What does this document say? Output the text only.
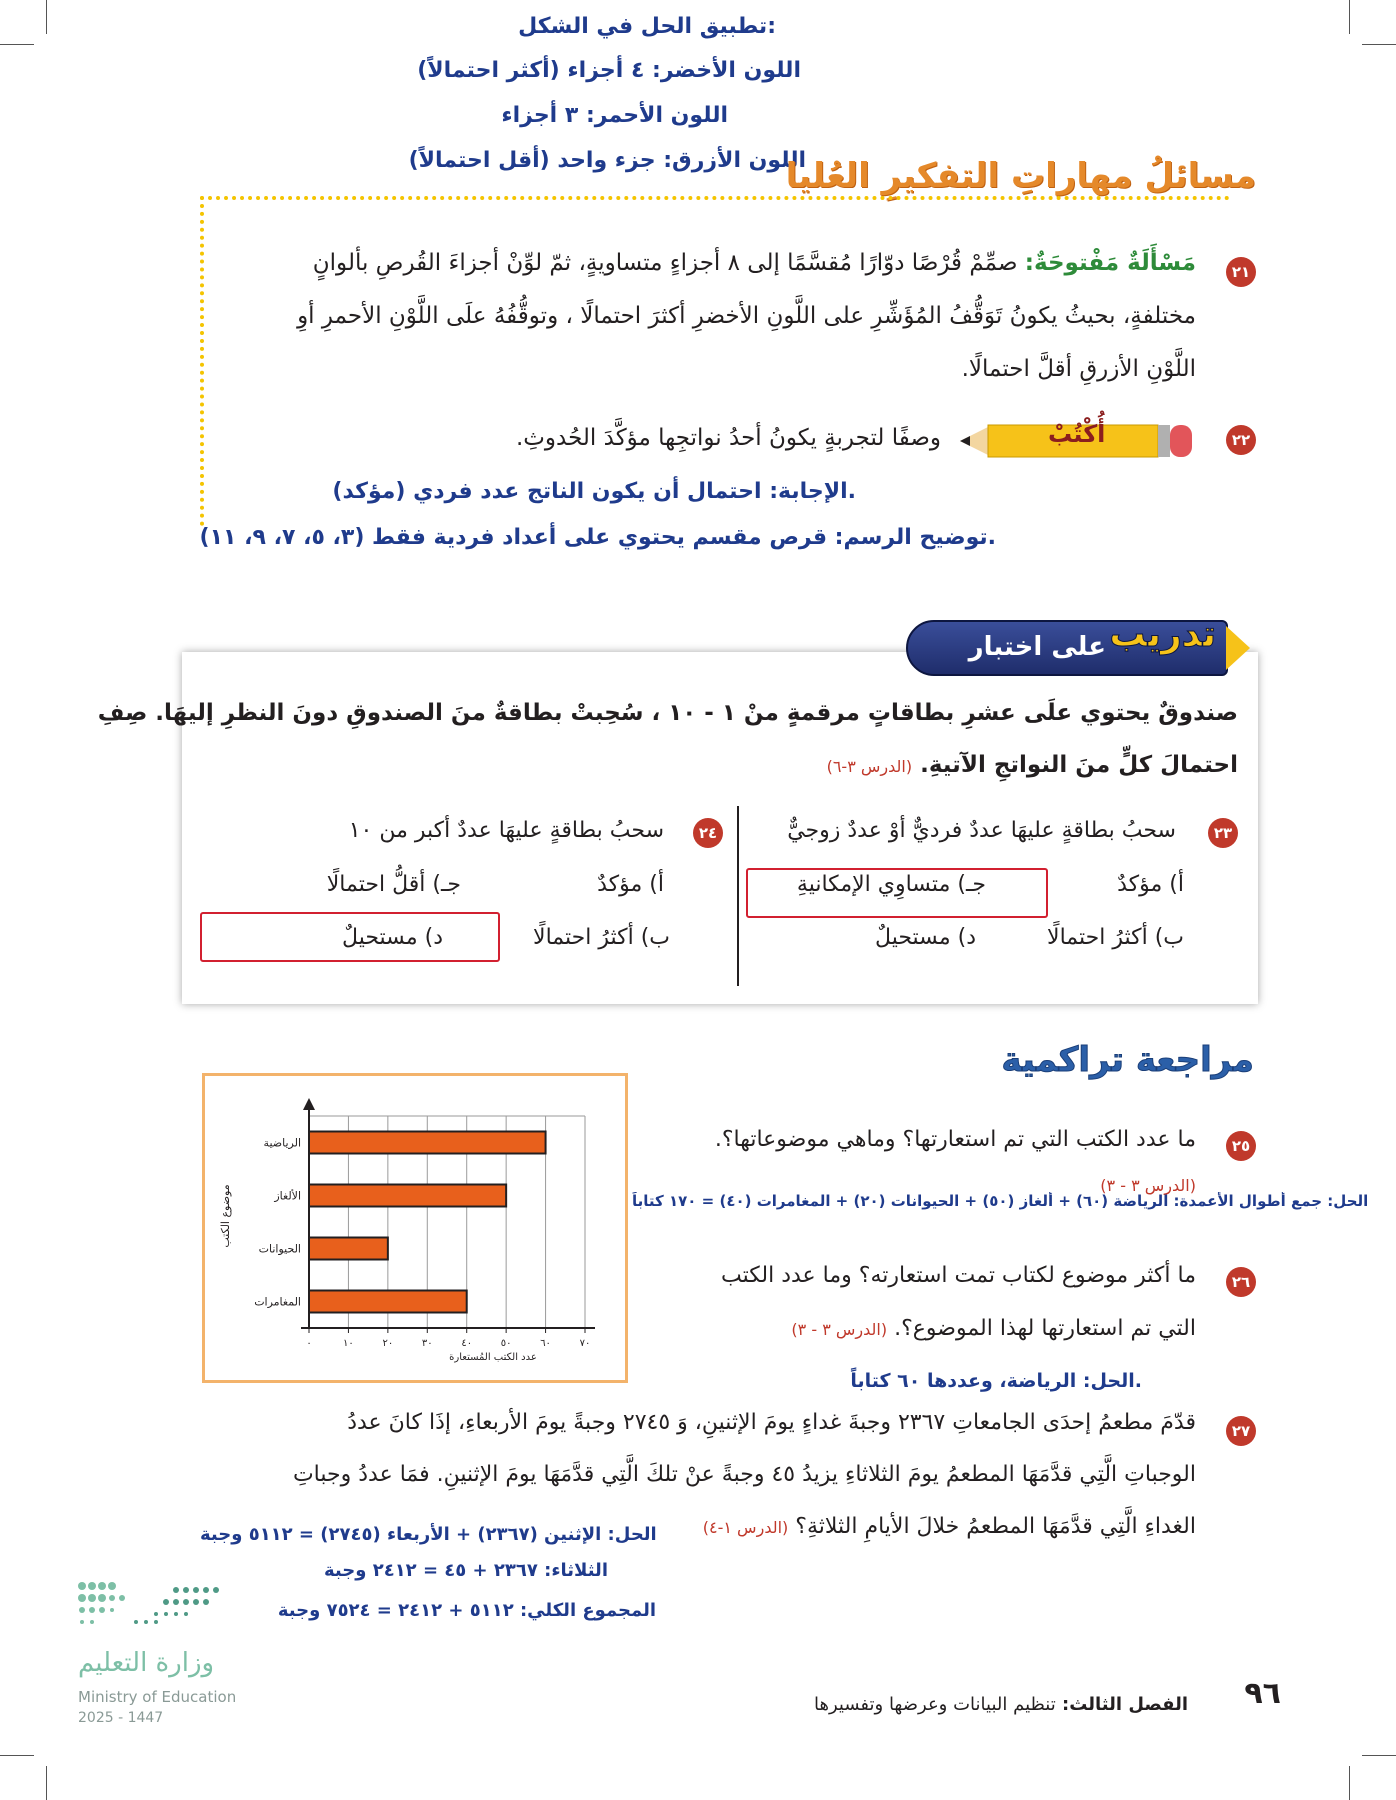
:تطبيق الحل في الشكل
اللون الأخضر: ٤ أجزاء (أكثر احتمالاً)
اللون الأحمر: ٣ أجزاء
اللون الأزرق: جزء واحد (أقل احتمالاً)
مسائلُ مهاراتِ التفكيرِ العُليا
٢١
مَسْأَلَةٌ مَفْتوحَةٌ: صمِّمْ قُرْصًا دوّارًا مُقسَّمًا إلى ٨ أجزاءٍ متساويةٍ، ثمّ لوِّنْ أجزاءَ القُرصِ بألوانٍ
مختلفةٍ، بحيثُ يكونُ تَوَقُّفُ المُؤَشِّرِ على اللَّونِ الأخضرِ أكثرَ احتمالًا ، وتوقُّفُهُ علَى اللَّوْنِ الأحمرِ أوِ
اللَّوْنِ الأزرقِ أقلَّ احتمالًا.
٢٢
أُكْتُبْ
وصفًا لتجربةٍ يكونُ أحدُ نواتجِها مؤكَّدَ الحُدوثِ.
.الإجابة: احتمال أن يكون الناتج عدد فردي (مؤكد)
.توضيح الرسم: قرص مقسم يحتوي على أعداد فردية فقط (٣، ٥، ٧، ٩، ١١)
تدريب
على اختبار
صندوقٌ يحتوي علَى عشرِ بطاقاتٍ مرقمةٍ منْ ١ - ١٠ ، سُحِبتْ بطاقةٌ منَ الصندوقِ دونَ النظرِ إليهَا. صِفِ
احتمالَ كلٍّ منَ النواتجِ الآتيةِ. (الدرس ٣-٦)
٢٣
سحبُ بطاقةٍ عليهَا عددٌ فرديٌّ أوْ عددٌ زوجيٌّ
أ) مؤكدٌ
جـ) متساوِي الإمكانيةِ
ب) أكثرُ احتمالًا
د) مستحيلٌ
٢٤
سحبُ بطاقةٍ عليهَا عددٌ أكبر من ١٠
أ) مؤكدٌ
جـ) أقلُّ احتمالًا
ب) أكثرُ احتمالًا
د) مستحيلٌ
مراجعة تراكمية
٠	١٠	٢٠	٣٠	٤٠	٥٠	٦٠	٧٠
الرياضية
الألغاز
الحيوانات
المغامرات
عدد الكتب المُستعارة
موضوع الكتب
٢٥
ما عدد الكتب التي تم استعارتها؟ وماهي موضوعاتها؟.
(الدرس ٣ - ٣)
الحل: جمع أطوال الأعمدة: الرياضة (٦٠) + ألغاز (٥٠) + الحيوانات (٢٠) + المغامرات (٤٠) = ١٧٠ كتاباً
٢٦
ما أكثر موضوع لكتاب تمت استعارته؟ وما عدد الكتب
التي تم استعارتها لهذا الموضوع؟. (الدرس ٣ - ٣)
.الحل: الرياضة، وعددها ٦٠ كتاباً
٢٧
قدّمَ مطعمُ إحدَى الجامعاتِ ٢٣٦٧ وجبةَ غداءٍ يومَ الإثنينِ، وَ ٢٧٤٥ وجبةً يومَ الأربعاءِ، إذَا كانَ عددُ
الوجباتِ الَّتِي قدَّمَهَا المطعمُ يومَ الثلاثاءِ يزيدُ ٤٥ وجبةً عنْ تلكَ الَّتِي قدَّمَهَا يومَ الإثنينِ. فمَا عددُ وجباتِ
الغداءِ الَّتِي قدَّمَهَا المطعمُ خلالَ الأيامِ الثلاثةِ؟ (الدرس ١-٤)
الحل: الإثنين (٢٣٦٧) + الأربعاء (٢٧٤٥) = ٥١١٢ وجبة
الثلاثاء: ٢٣٦٧ + ٤٥ = ٢٤١٢ وجبة
المجموع الكلي: ٥١١٢ + ٢٤١٢ = ٧٥٢٤ وجبة
وزارة التعليم
Ministry of Education
2025 - 1447
٩٦
الفصل الثالث: تنظيم البيانات وعرضها وتفسيرها
